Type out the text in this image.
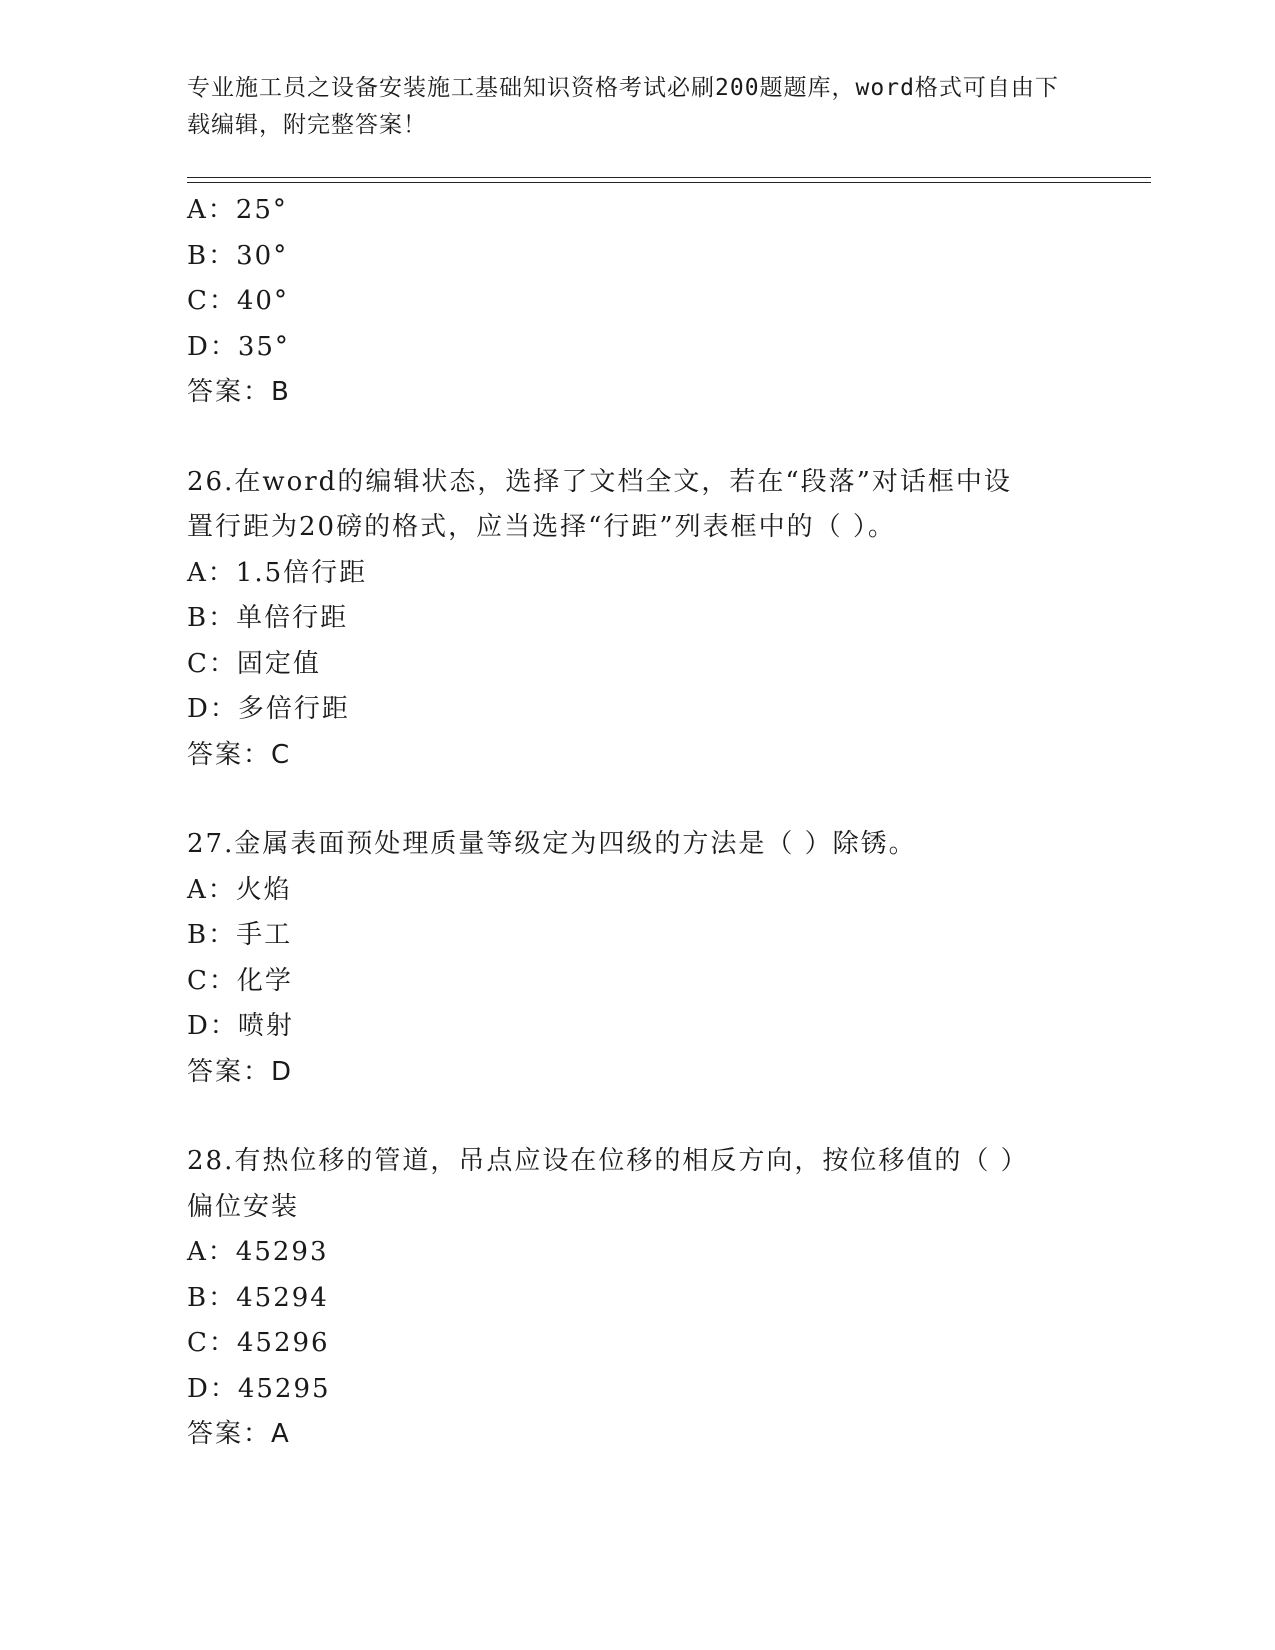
专业施工员之设备安装施工基础知识资格考试必刷200题题库，word格式可自由下载编辑，附完整答案！
A：25°
B：30°
C：40°
D：35°
答案：B
26.在word的编辑状态，选择了文档全文，若在“段落”对话框中设置行距为20磅的格式，应当选择“行距”列表框中的（ ）。
A：1.5倍行距
B：单倍行距
C：固定值
D：多倍行距
答案：C
27.金属表面预处理质量等级定为四级的方法是（ ）除锈。
A：火焰
B：手工
C：化学
D：喷射
答案：D
28.有热位移的管道，吊点应设在位移的相反方向，按位移值的（ ）偏位安装
A：45293
B：45294
C：45296
D：45295
答案：A
